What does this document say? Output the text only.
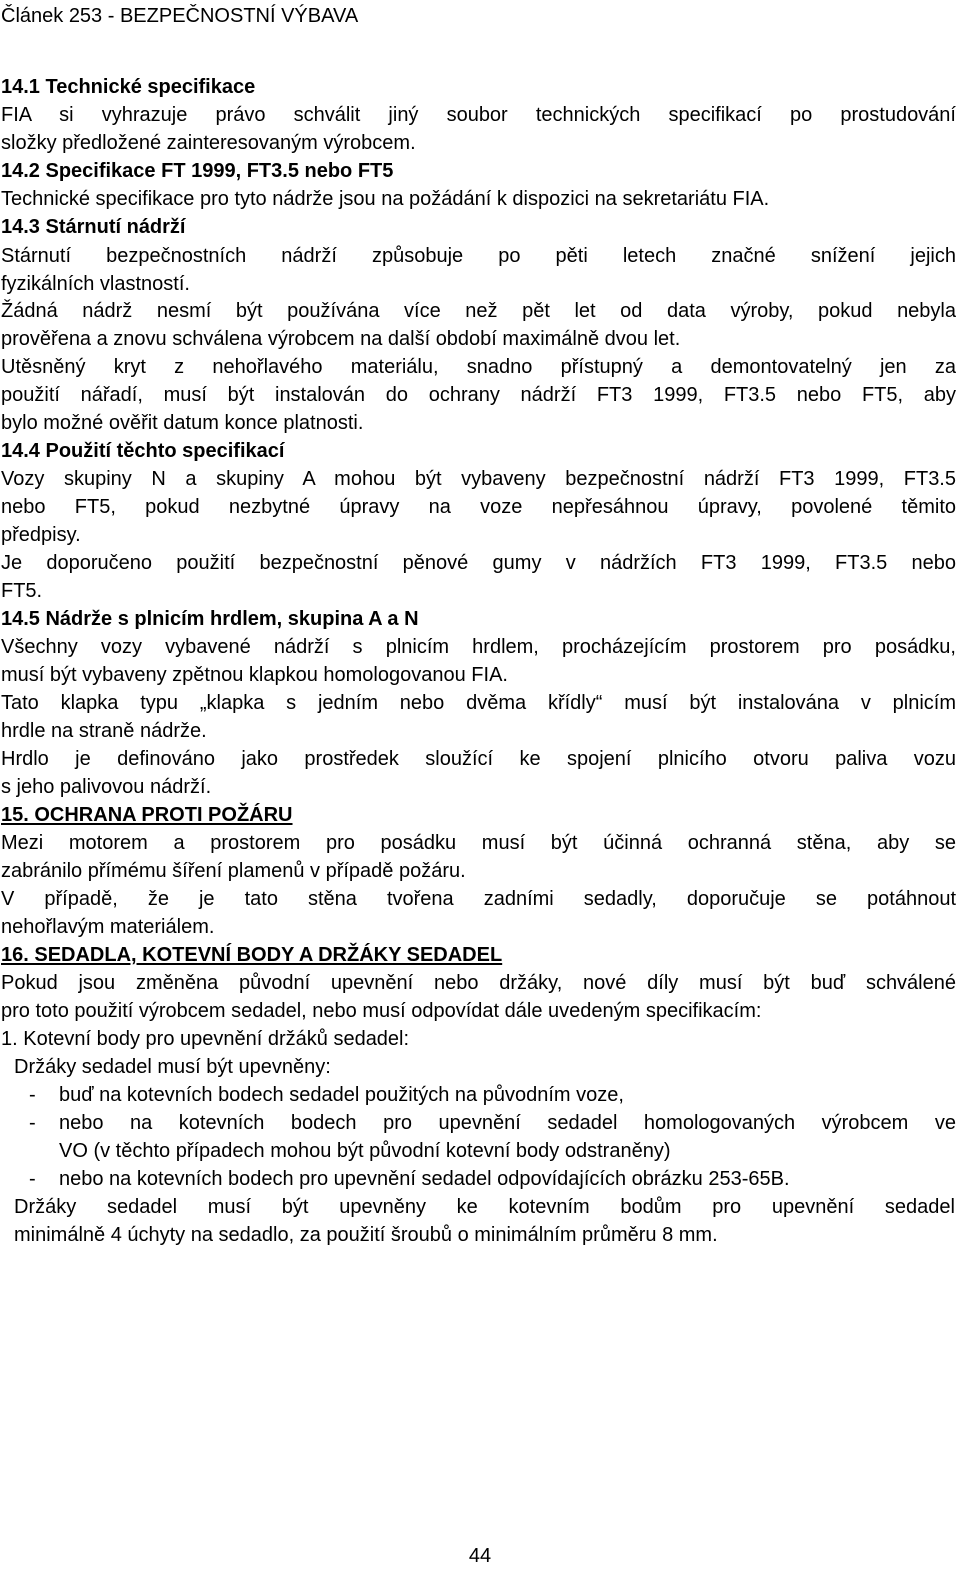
Článek 253 - BEZPEČNOSTNÍ VÝBAVA
14.1 Technické specifikace
FIA si vyhrazuje právo schválit jiný soubor technických specifikací po prostudování
složky předložené zainteresovaným výrobcem.
14.2 Specifikace FT 1999, FT3.5 nebo FT5
Technické specifikace pro tyto nádrže jsou na požádání k dispozici na sekretariátu FIA.
14.3 Stárnutí nádrží
Stárnutí bezpečnostních nádrží způsobuje po pěti letech značné snížení jejich
fyzikálních vlastností.
Žádná nádrž nesmí být používána více než pět let od data výroby, pokud nebyla
prověřena a znovu schválena výrobcem na další období maximálně dvou let.
Utěsněný kryt z nehořlavého materiálu, snadno přístupný a demontovatelný jen za
použití nářadí, musí být instalován do ochrany nádrží FT3 1999, FT3.5 nebo FT5, aby
bylo možné ověřit datum konce platnosti.
14.4 Použití těchto specifikací
Vozy skupiny N a skupiny A mohou být vybaveny bezpečnostní nádrží FT3 1999, FT3.5
nebo FT5, pokud nezbytné úpravy na voze nepřesáhnou úpravy, povolené těmito
předpisy.
Je doporučeno použití bezpečnostní pěnové gumy v nádržích FT3 1999, FT3.5 nebo
FT5.
14.5 Nádrže s plnicím hrdlem, skupina A a N
Všechny vozy vybavené nádrží s plnicím hrdlem, procházejícím prostorem pro posádku,
musí být vybaveny zpětnou klapkou homologovanou FIA.
Tato klapka typu „klapka s jedním nebo dvěma křídly“ musí být instalována v plnicím
hrdle na straně nádrže.
Hrdlo je definováno jako prostředek sloužící ke spojení plnicího otvoru paliva vozu
s jeho palivovou nádrží.
15. OCHRANA PROTI POŽÁRU
Mezi motorem a prostorem pro posádku musí být účinná ochranná stěna, aby se
zabránilo přímému šíření plamenů v případě požáru.
V případě, že je tato stěna tvořena zadními sedadly, doporučuje se potáhnout
nehořlavým materiálem.
16. SEDADLA, KOTEVNÍ BODY A DRŽÁKY SEDADEL
Pokud jsou změněna původní upevnění nebo držáky, nové díly musí být buď schválené
pro toto použití výrobcem sedadel, nebo musí odpovídat dále uvedeným specifikacím:
1. Kotevní body pro upevnění držáků sedadel:
Držáky sedadel musí být upevněny:
- buď na kotevních bodech sedadel použitých na původním voze,
- nebo na kotevních bodech pro upevnění sedadel homologovaných výrobcem ve
VO (v těchto případech mohou být původní kotevní body odstraněny)
- nebo na kotevních bodech pro upevnění sedadel odpovídajících obrázku 253-65B.
Držáky sedadel musí být upevněny ke kotevním bodům pro upevnění sedadel
minimálně 4 úchyty na sedadlo, za použití šroubů o minimálním průměru 8 mm.
44
